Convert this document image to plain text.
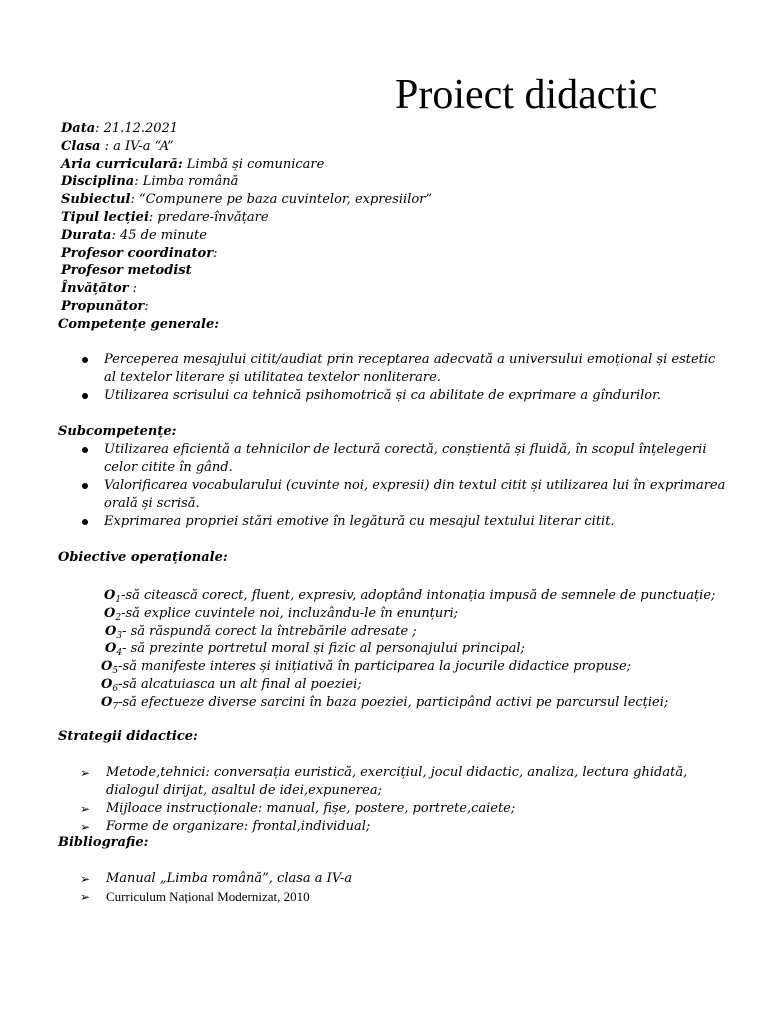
Proiect didactic
Data: 21.12.2021
Clasa : a IV-a “A”
Aria curriculară: Limbă și comunicare
Disciplina: Limba română
Subiectul: “Compunere pe baza cuvintelor, expresiilor”
Tipul lecției: predare-învățare
Durata: 45 de minute
Profesor coordinator:
Profesor metodist
Învățător :
Propunător:
Competențe generale:
Perceperea mesajului citit/audiat prin receptarea adecvată a universului emoțional și estetic al textelor literare și utilitatea textelor nonliterare.
Utilizarea scrisului ca tehnică psihomotrică și ca abilitate de exprimare a gîndurilor.
Subcompetențe:
Utilizarea eficientă a tehnicilor de lectură corectă, conștientă și fluidă, în scopul înțelegerii celor citite în gând.
Valorificarea vocabularului (cuvinte noi, expresii) din textul citit și utilizarea lui în exprimarea orală și scrisă.
Exprimarea propriei stări emotive în legătură cu mesajul textului literar citit.
Obiective operaționale:
$O_1-să$ citească corect, fluent, expresiv, adoptând intonația impusă de semnele de punctuație;
$O_2-să$ explice cuvintele noi, incluzându-le în enunțuri;
$O_3-$ să răspundă corect la întrebările adresate ;
$O_4-$ să prezinte portretul moral și fizic al personajului principal;
$O_5-să$ manifeste interes și inițiativă în participarea la jocurile didactice propuse;
$O_6-să$ alcatuiasca un alt final al poeziei;
$O_7-să$ efectueze diverse sarcini în baza poeziei, participând activi pe parcursul lecției;
Strategii didactice:
➢ Metode,tehnici: conversația euristică, exercițiul, jocul didactic, analiza, lectura ghidată, dialogul dirijat, asaltul de idei,expunerea;
➢ Mijloace instrucționale: manual, fișe, postere, portrete,caiete;
➢ Forme de organizare: frontal,individual;
Bibliografie:
➢ Manual „Limba română”, clasa a IV-a
➢ Curriculum Național Modernizat, 2010
